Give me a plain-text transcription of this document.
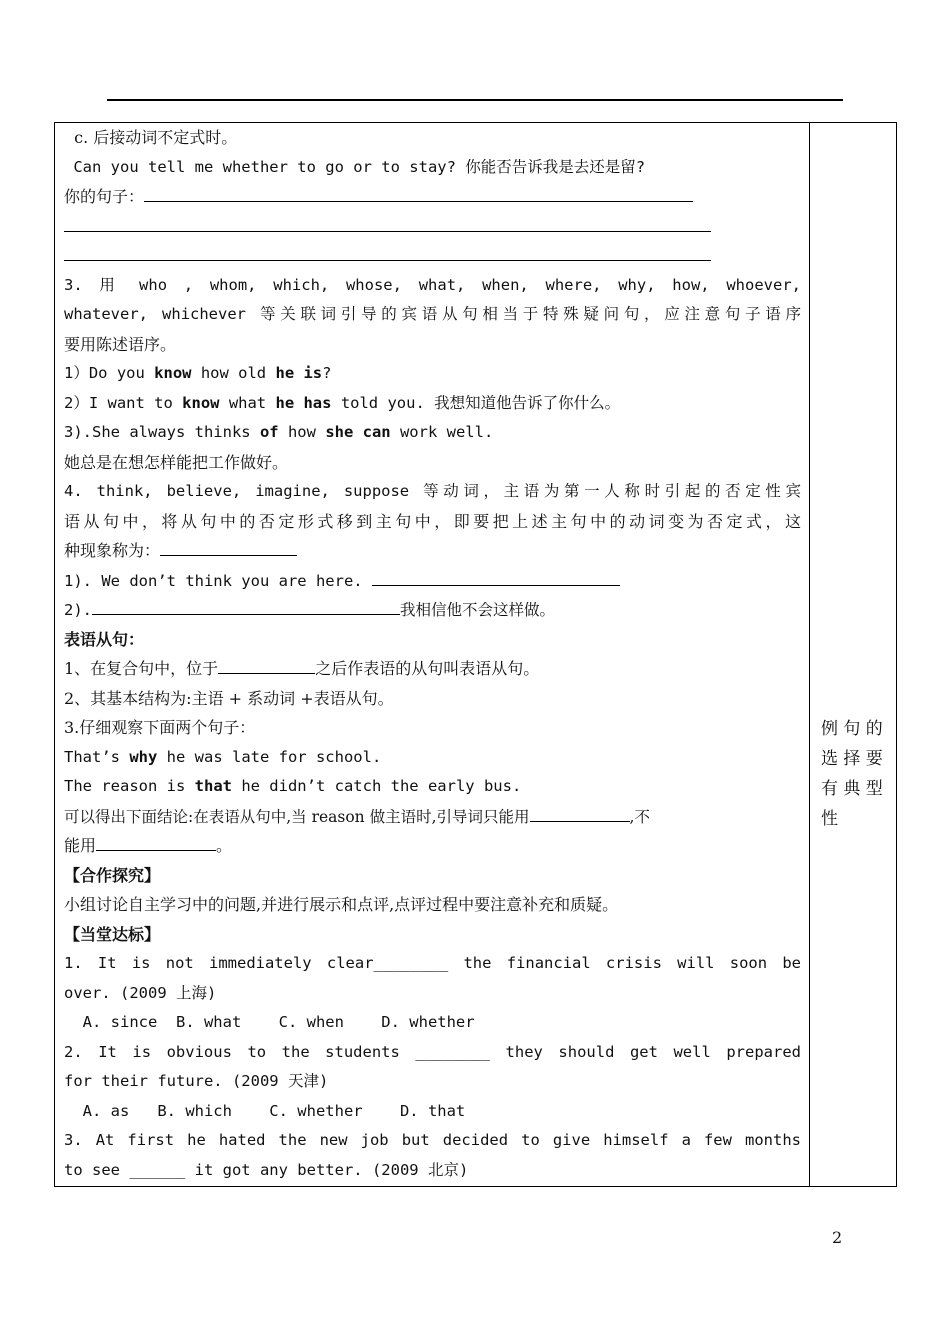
c. 后接动词不定式时。
Can you tell me whether to go or to stay? 你能否告诉我是去还是留?
你的句子：
3. 用 who , whom, which, whose, what, when, where, why, how, whoever,
whatever, whichever 等关联词引导的宾语从句相当于特殊疑问句，应注意句子语序
要用陈述语序。
1）Do you know how old he is?
2）I want to know what he has told you. 我想知道他告诉了你什么。
3).She always thinks of how she can work well.
她总是在想怎样能把工作做好。
4. think, believe, imagine, suppose 等动词，主语为第一人称时引起的否定性宾
语从句中，将从句中的否定形式移到主句中，即要把上述主句中的动词变为否定式，这
种现象称为：
1). We don’t think you are here.
2).	我相信他不会这样做。
表语从句：
1、在复合句中，位于	之后作表语的从句叫表语从句。
2、其基本结构为:主语 + 系动词 +表语从句。
3.仔细观察下面两个句子：
That’s why he was late for school.
The reason is that he didn’t catch the early bus.
可以得出下面结论:在表语从句中,当 reason 做主语时,引导词只能用	,不
能用	。
【合作探究】
小组讨论自主学习中的问题,并进行展示和点评,点评过程中要注意补充和质疑。
【当堂达标】
1. It is not immediately clear________ the financial crisis will soon be
over. (2009 上海)
A. since  B. what    C. when    D. whether
2. It is obvious to the students ________ they should get well prepared
for their future. (2009 天津)
A. as   B. which    C. whether    D. that
3. At first he hated the new job but decided to give himself a few months
to see ______ it got any better. (2009 北京)
例 句 的
选 择 要
有 典 型
性
2
